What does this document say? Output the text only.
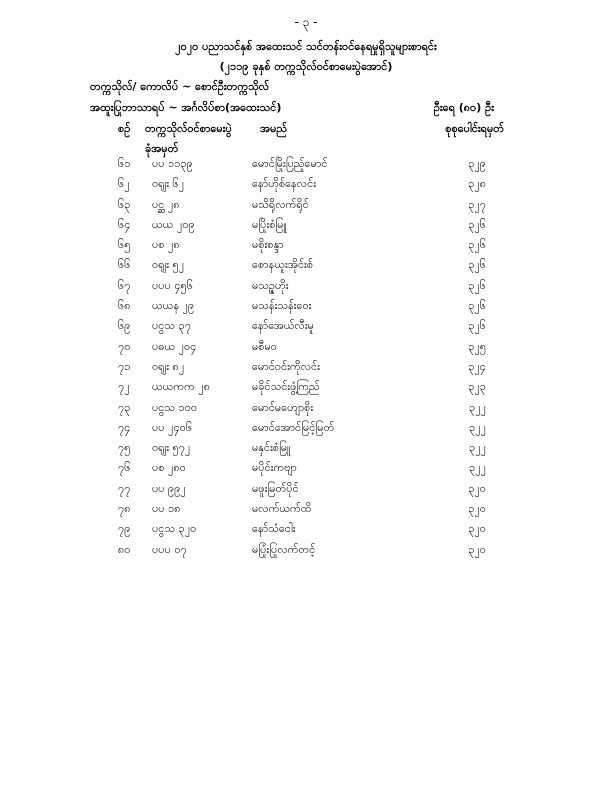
- ၃ -
၂၀၂၀ ပညာသင်နှစ် အထေးသင် သင်တန်းဝင်နေရမှုရှိသူများစာရင်း
(၂၁၁၉ ခုနှစ် တက္ကသိုလ်ဝင်စာမေးပွဲအောင်)
တက္ကသိုလ်/ ကောလိပ် ~ စောင်ဦးတက္ကသိုလ်
အထူးပြုဘာသာရပ် ~ အင်္ဂလိပ်စာ(အထေးသင်)	ဦးရေ (၈၀) ဦး
စဉ် တက္ကသိုလ်ဝင်စာမေးပွဲ
ခုံအမှတ်
အမည်	စုစုပေါင်းရမှတ်
၆၁ ပပ ၁၁၃၉	မောင်မြိုးပြည့်မောင်	၃၂၉
၆၂ ဝရျး ၆၂	နော်ဟိုစ်နေလင်း	၃၂၈
၆၃ ပင္ဆ ၂၈	မသိရိုလက်ရိုင်	၃၂၇
၆၄ ယယ ၂၀၉	မပြိုးစံမြူ	၃၂၆
၆၅ ပစ ၂၈	မစိုးစန္ဒာ	၃၂၆
၆၆ ဝရျး ၅၂	စောနယူးအိုင်းစ်	၃၂၆
၆၇ ပပပ ၄၅၆	မသဉ္ဇဟိုး	၃၂၆
၆၈ ယယန ၂၉	မသန်းသန်းဝေး	၃၂၆
၆၉ ပငွသ ၃၇	နော်အေယ်လီးမူ	၃၂၆
၇၀ ပဓယ ၂၀၄	မစီမဝ	၃၂၅
၇၁ ဝရျး ၈၂	မောင်ဝင်းကိုလင်း	၃၂၄
၇၂ ယယကက ၂၈	မခိုင်သင်းဖွံ့ကြည်	၃၂၃
၇၃ ပငွသ ၁၀၀	မောင်မဟျောစိုး	၃၂၂
၇၄ ပပ ၂၄၀၆	မောင်အောင်မြင့်မြတ်	၃၂၂
၇၅ ဝရျး ၅၇၂	မနှင်းစံမြူ	၃၂၂
၇၆ ပစ ၂၈၀	မပိုင်းကဗျာ	၃၂၂
၇၇ ပပ ၉၉၂	မဖူးမြတ်ပိုင်	၃၂၀
၇၈ ပပ ၁၈	မလက်ယက်ထိ	၃၂၀
၇၉ ပငွသ ၃၂၀	နော်သံငေါး	၃၂၀
၈၀ ပပပ ၀၇	မပြုံးပြုလက်တင့်	၃၂၀
